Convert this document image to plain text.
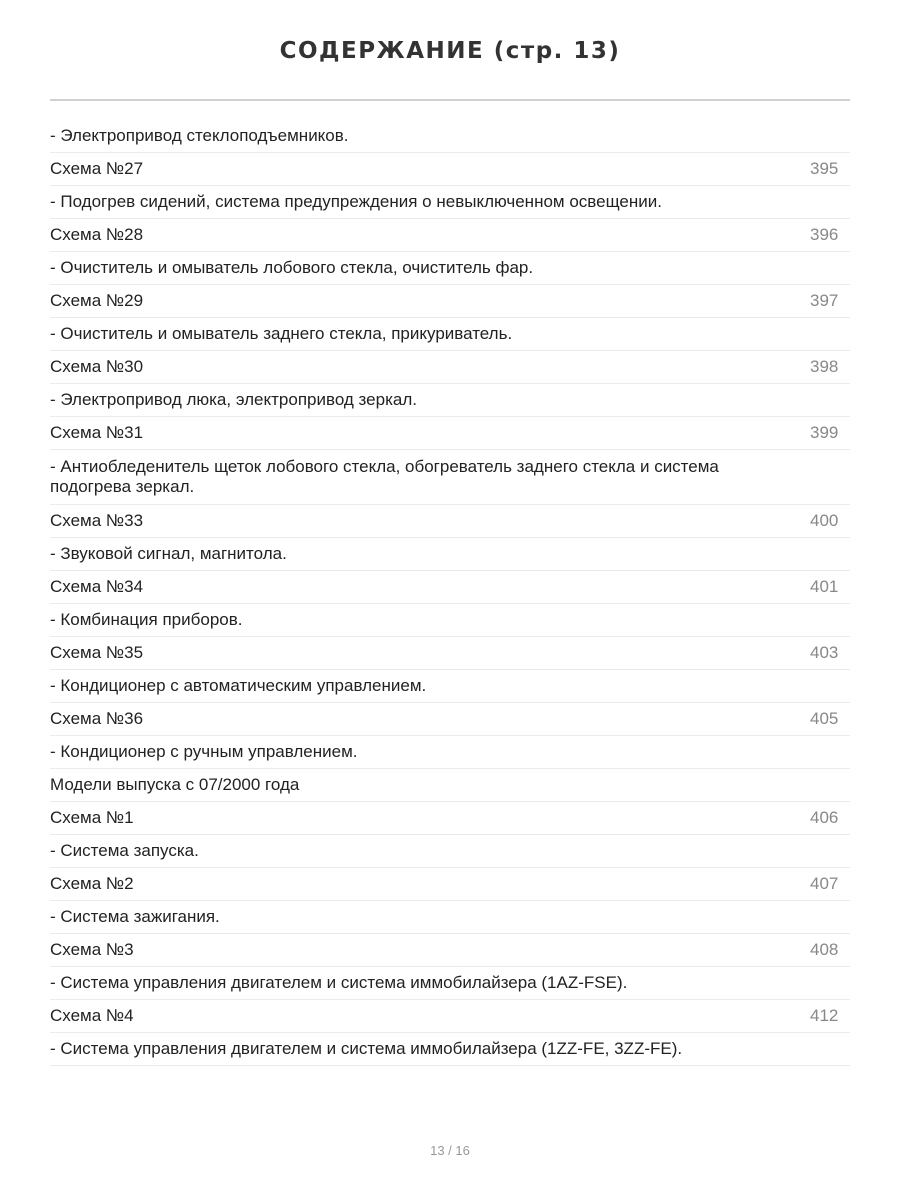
СОДЕРЖАНИЕ (стр. 13)
- Электропривод стеклоподъемников.
Схема №27	395
- Подогрев сидений, система предупреждения о невыключенном освещении.
Схема №28	396
- Очиститель и омыватель лобового стекла, очиститель фар.
Схема №29	397
- Очиститель и омыватель заднего стекла, прикуриватель.
Схема №30	398
- Электропривод люка, электропривод зеркал.
Схема №31	399
- Антиобледенитель щеток лобового стекла, обогреватель заднего стекла и система подогрева зеркал.
Схема №33	400
- Звуковой сигнал, магнитола.
Схема №34	401
- Комбинация приборов.
Схема №35	403
- Кондиционер с автоматическим управлением.
Схема №36	405
- Кондиционер с ручным управлением.
Модели выпуска с 07/2000 года
Схема №1	406
- Система запуска.
Схема №2	407
- Система зажигания.
Схема №3	408
- Система управления двигателем и система иммобилайзера (1AZ-FSE).
Схема №4	412
- Система управления двигателем и система иммобилайзера (1ZZ-FE, 3ZZ-FE).
13 / 16
